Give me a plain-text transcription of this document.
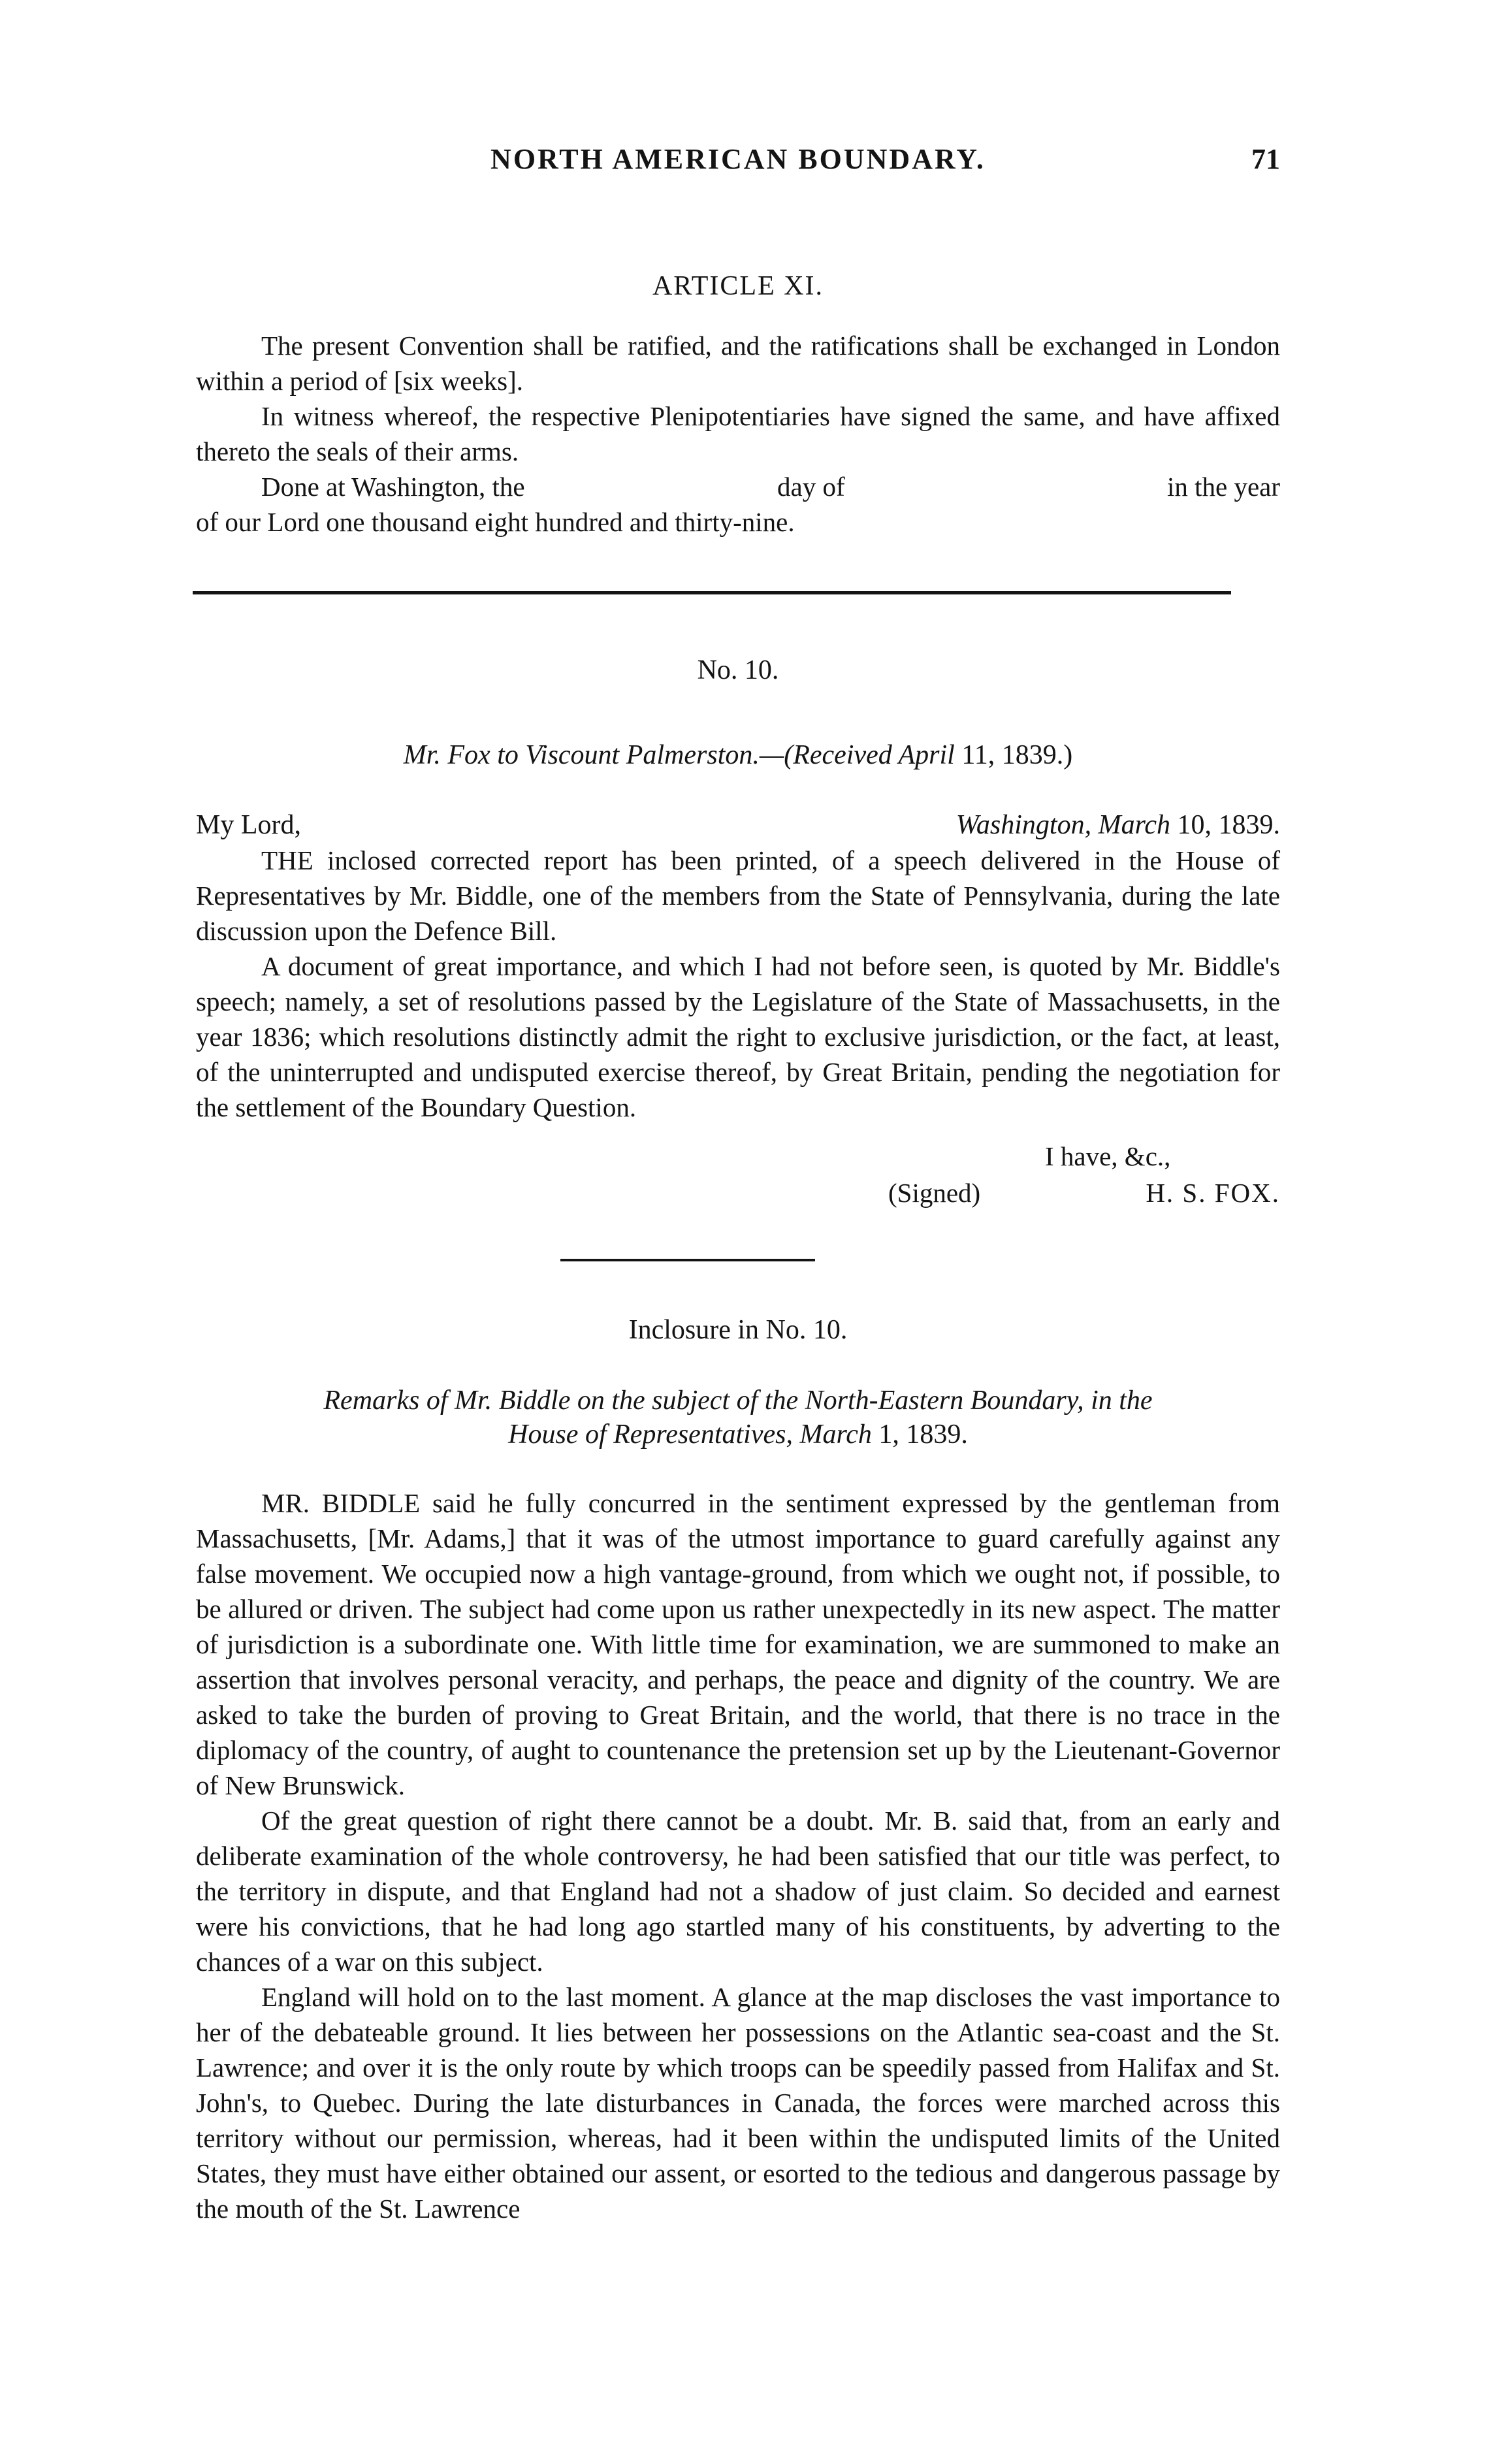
NORTH AMERICAN BOUNDARY.	71
ARTICLE XI.

The present Convention shall be ratified, and the ratifications shall be exchanged in London within a period of [six weeks].

In witness whereof, the respective Plenipotentiaries have signed the same, and have affixed thereto the seals of their arms.

Done at Washington, the	day of	in the year
of our Lord one thousand eight hundred and thirty-nine.
No. 10.
Mr. Fox to Viscount Palmerston.—(Received April 11, 1839.)
My Lord,	Washington, March 10, 1839.

THE inclosed corrected report has been printed, of a speech delivered in the House of Representatives by Mr. Biddle, one of the members from the State of Pennsylvania, during the late discussion upon the Defence Bill.

A document of great importance, and which I had not before seen, is quoted by Mr. Biddle's speech; namely, a set of resolutions passed by the Legislature of the State of Massachusetts, in the year 1836; which resolutions distinctly admit the right to exclusive jurisdiction, or the fact, at least, of the uninterrupted and undisputed exercise thereof, by Great Britain, pending the negotiation for the settlement of the Boundary Question.

I have, &c.,
(Signed)	H. S. FOX.
Inclosure in No. 10.
Remarks of Mr. Biddle on the subject of the North-Eastern Boundary, in the
House of Representatives, March 1, 1839.

MR. BIDDLE said he fully concurred in the sentiment expressed by the gentleman from Massachusetts, [Mr. Adams,] that it was of the utmost importance to guard carefully against any false movement. We occupied now a high vantage-ground, from which we ought not, if possible, to be allured or driven. The subject had come upon us rather unexpectedly in its new aspect. The matter of jurisdiction is a subordinate one. With little time for examination, we are summoned to make an assertion that involves personal veracity, and perhaps, the peace and dignity of the country. We are asked to take the burden of proving to Great Britain, and the world, that there is no trace in the diplomacy of the country, of aught to countenance the pretension set up by the Lieutenant-Governor of New Brunswick.

Of the great question of right there cannot be a doubt. Mr. B. said that, from an early and deliberate examination of the whole controversy, he had been satisfied that our title was perfect, to the territory in dispute, and that England had not a shadow of just claim. So decided and earnest were his convictions, that he had long ago startled many of his constituents, by adverting to the chances of a war on this subject.

England will hold on to the last moment. A glance at the map discloses the vast importance to her of the debateable ground. It lies between her possessions on the Atlantic sea-coast and the St. Lawrence; and over it is the only route by which troops can be speedily passed from Halifax and St. John's, to Quebec. During the late disturbances in Canada, the forces were marched across this territory without our permission, whereas, had it been within the undisputed limits of the United States, they must have either obtained our assent, or esorted to the tedious and dangerous passage by the mouth of the St. Lawrence
